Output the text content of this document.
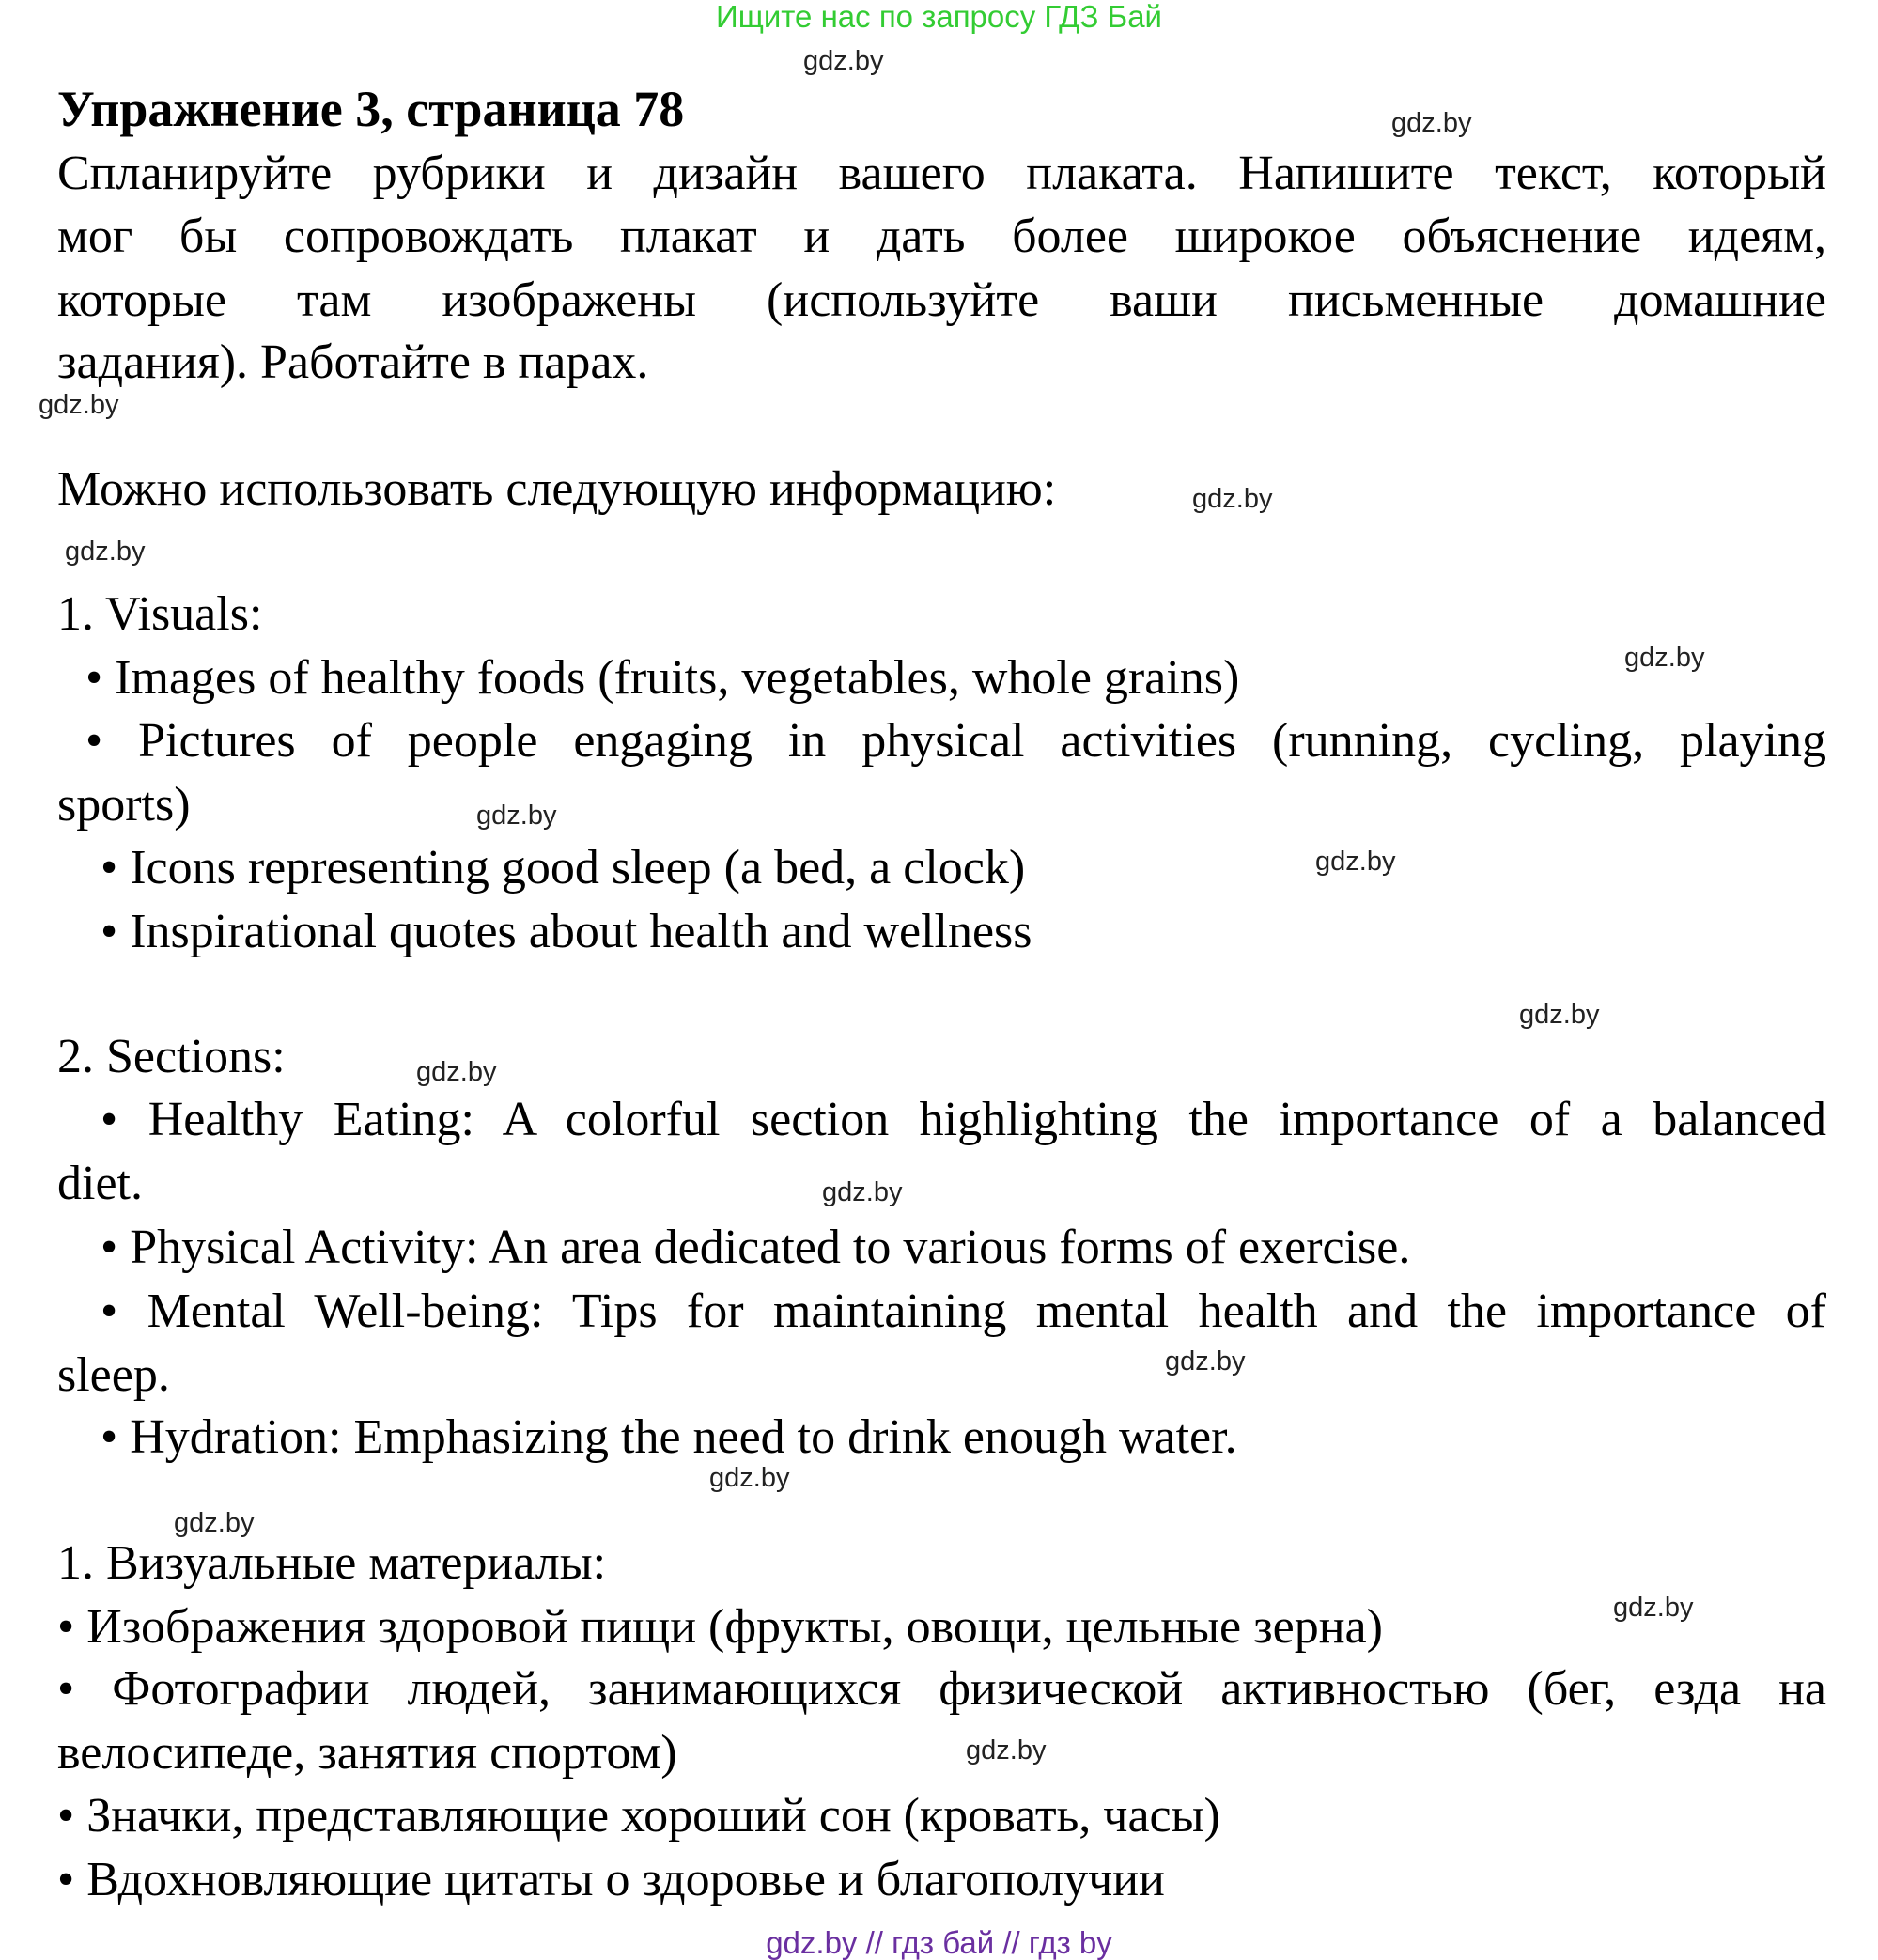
Ищите нас по запросу ГДЗ Бай
Упражнение 3, страница 78
Спланируйте рубрики и дизайн вашего плаката. Напишите текст, который
мог бы сопровождать плакат и дать более широкое объяснение идеям,
которые там изображены (используйте ваши письменные домашние
задания). Работайте в парах.
Можно использовать следующую информацию:
1. Visuals:
• Images of healthy foods (fruits, vegetables, whole grains)
• Pictures of people engaging in physical activities (running, cycling, playing
sports)
• Icons representing good sleep (a bed, a clock)
• Inspirational quotes about health and wellness
2. Sections:
• Healthy Eating: A colorful section highlighting the importance of a balanced
diet.
• Physical Activity: An area dedicated to various forms of exercise.
• Mental Well-being: Tips for maintaining mental health and the importance of
sleep.
• Hydration: Emphasizing the need to drink enough water.
1. Визуальные материалы:
• Изображения здоровой пищи (фрукты, овощи, цельные зерна)
• Фотографии людей, занимающихся физической активностью (бег, езда на
велосипеде, занятия спортом)
• Значки, представляющие хороший сон (кровать, часы)
• Вдохновляющие цитаты о здоровье и благополучии
gdz.by
gdz.by
gdz.by
gdz.by
gdz.by
gdz.by
gdz.by
gdz.by
gdz.by
gdz.by
gdz.by
gdz.by
gdz.by
gdz.by
gdz.by
gdz.by
gdz.by // гдз бай // гдз by
